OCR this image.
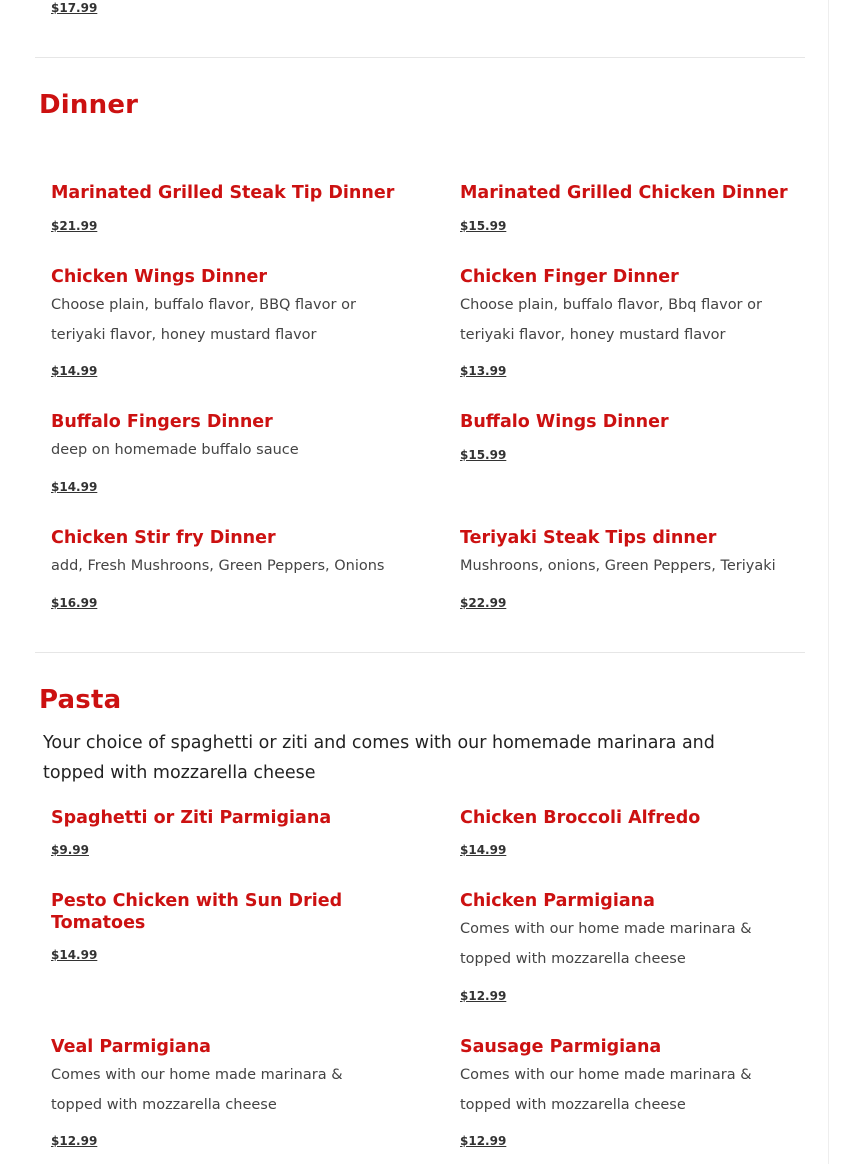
$17.99
Dinner
Marinated Grilled Steak Tip Dinner
$21.99
Marinated Grilled Chicken Dinner
$15.99
Chicken Wings Dinner

Choose plain, buffalo flavor, BBQ flavor or teriyaki flavor, honey mustard flavor

$14.99
Chicken Finger Dinner

Choose plain, buffalo flavor, Bbq flavor or teriyaki flavor, honey mustard flavor

$13.99
Buffalo Fingers Dinner

deep on homemade buffalo sauce

$14.99
Buffalo Wings Dinner
$15.99
Chicken Stir fry Dinner

add, Fresh Mushroons, Green Peppers, Onions

$16.99
Teriyaki Steak Tips dinner

Mushroons, onions, Green Peppers, Teriyaki

$22.99
Pasta

Your choice of spaghetti or ziti and comes with our homemade marinara and topped with mozzarella cheese

Spaghetti or Ziti Parmigiana
$9.99
Chicken Broccoli Alfredo
$14.99
Pesto Chicken with Sun Dried Tomatoes
$14.99
Chicken Parmigiana

Comes with our home made marinara & topped with mozzarella cheese

$12.99
Veal Parmigiana

Comes with our home made marinara & topped with mozzarella cheese

$12.99
Sausage Parmigiana

Comes with our home made marinara & topped with mozzarella cheese

$12.99
